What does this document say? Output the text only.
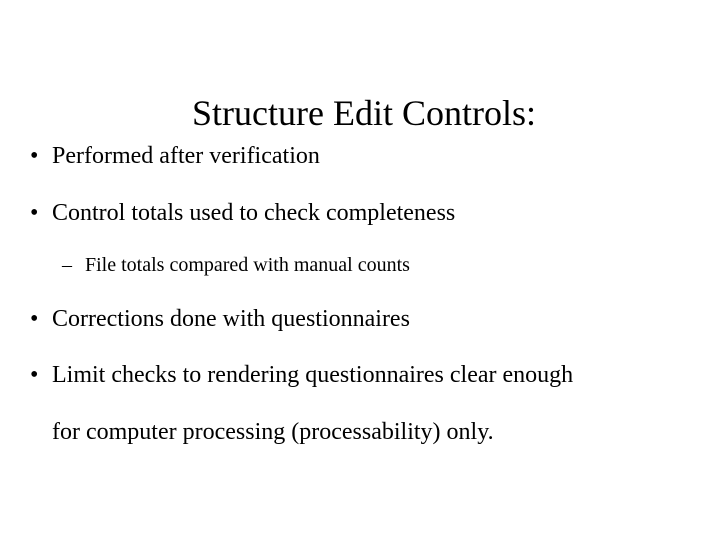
Structure Edit Controls:
• Performed after verification
• Control totals used to check completeness
– File totals compared with manual counts
• Corrections done with questionnaires
• Limit checks to rendering questionnaires clear enough
for computer processing (processability) only.
